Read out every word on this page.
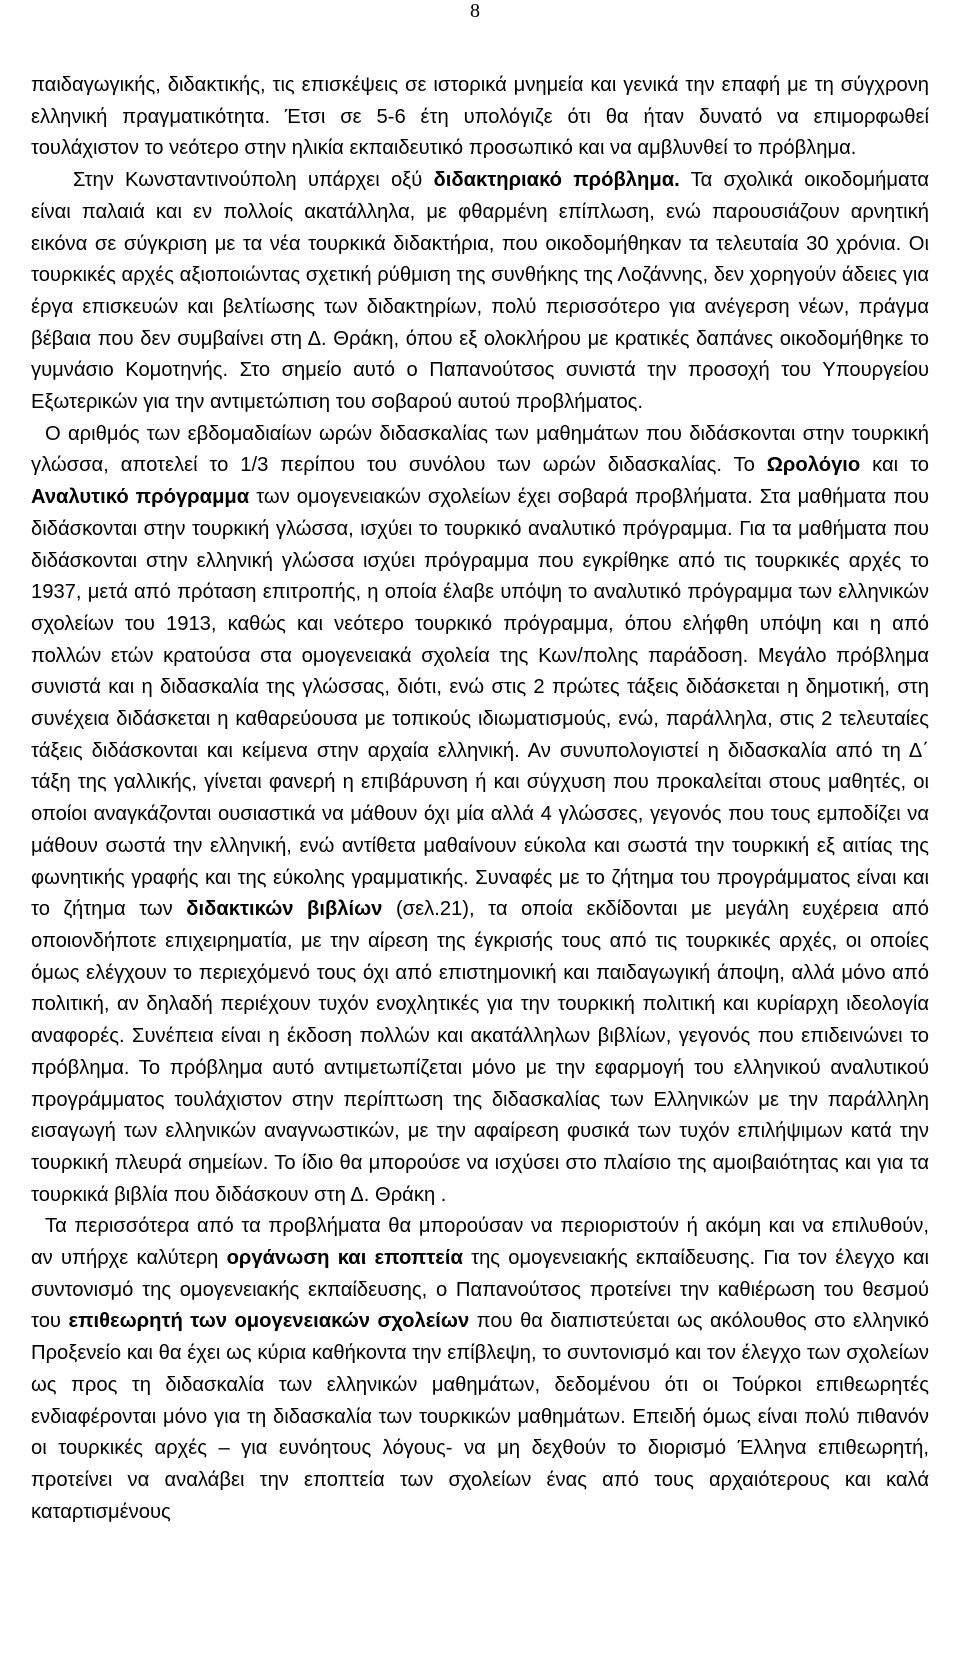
8

παιδαγωγικής, διδακτικής, τις επισκέψεις σε ιστορικά μνημεία και γενικά την επαφή με τη σύγχρονη ελληνική πραγματικότητα. Έτσι σε 5-6 έτη υπολόγιζε ότι θα ήταν δυνατό να επιμορφωθεί τουλάχιστον το νεότερο στην ηλικία εκπαιδευτικό προσωπικό και να αμβλυνθεί το πρόβλημα.

Στην Κωνσταντινούπολη υπάρχει οξύ διδακτηριακό πρόβλημα. Τα σχολικά οικοδομήματα είναι παλαιά και εν πολλοίς ακατάλληλα, με φθαρμένη επίπλωση, ενώ παρουσιάζουν αρνητική εικόνα σε σύγκριση με τα νέα τουρκικά διδακτήρια, που οικοδομήθηκαν τα τελευταία 30 χρόνια. Οι τουρκικές αρχές αξιοποιώντας σχετική ρύθμιση της συνθήκης της Λοζάννης, δεν χορηγούν άδειες για έργα επισκευών και βελτίωσης των διδακτηρίων, πολύ περισσότερο για ανέγερση νέων, πράγμα βέβαια που δεν συμβαίνει στη Δ. Θράκη, όπου εξ ολοκλήρου με κρατικές δαπάνες οικοδομήθηκε το γυμνάσιο Κομοτηνής. Στο σημείο αυτό ο Παπανούτσος συνιστά την προσοχή του Υπουργείου Εξωτερικών για την αντιμετώπιση του σοβαρού αυτού προβλήματος.

Ο αριθμός των εβδομαδιαίων ωρών διδασκαλίας των μαθημάτων που διδάσκονται στην τουρκική γλώσσα, αποτελεί το 1/3 περίπου του συνόλου των ωρών διδασκαλίας. Το Ωρολόγιο και το Αναλυτικό πρόγραμμα των ομογενειακών σχολείων έχει σοβαρά προβλήματα. Στα μαθήματα που διδάσκονται στην τουρκική γλώσσα, ισχύει το τουρκικό αναλυτικό πρόγραμμα. Για τα μαθήματα που διδάσκονται στην ελληνική γλώσσα ισχύει πρόγραμμα που εγκρίθηκε από τις τουρκικές αρχές το 1937, μετά από πρόταση επιτροπής, η οποία έλαβε υπόψη το αναλυτικό πρόγραμμα των ελληνικών σχολείων του 1913, καθώς και νεότερο τουρκικό πρόγραμμα, όπου ελήφθη υπόψη και η από πολλών ετών κρατούσα στα ομογενειακά σχολεία της Κων/πολης παράδοση. Μεγάλο πρόβλημα συνιστά και η διδασκαλία της γλώσσας, διότι, ενώ στις 2 πρώτες τάξεις διδάσκεται η δημοτική, στη συνέχεια διδάσκεται η καθαρεύουσα με τοπικούς ιδιωματισμούς, ενώ, παράλληλα, στις 2 τελευταίες τάξεις διδάσκονται και κείμενα στην αρχαία ελληνική. Αν συνυπολογιστεί η διδασκαλία από τη Δ΄ τάξη της γαλλικής, γίνεται φανερή η επιβάρυνση ή και σύγχυση που προκαλείται στους μαθητές, οι οποίοι αναγκάζονται ουσιαστικά να μάθουν όχι μία αλλά 4 γλώσσες, γεγονός που τους εμποδίζει να μάθουν σωστά την ελληνική, ενώ αντίθετα μαθαίνουν εύκολα και σωστά την τουρκική εξ αιτίας της φωνητικής γραφής και της εύκολης γραμματικής. Συναφές με το ζήτημα του προγράμματος είναι και το ζήτημα των διδακτικών βιβλίων (σελ.21), τα οποία εκδίδονται με μεγάλη ευχέρεια από οποιονδήποτε επιχειρηματία, με την αίρεση της έγκρισής τους από τις τουρκικές αρχές, οι οποίες όμως ελέγχουν το περιεχόμενό τους όχι από επιστημονική και παιδαγωγική άποψη, αλλά μόνο από πολιτική, αν δηλαδή περιέχουν τυχόν ενοχλητικές για την τουρκική πολιτική και κυρίαρχη ιδεολογία αναφορές. Συνέπεια είναι η έκδοση πολλών και ακατάλληλων βιβλίων, γεγονός που επιδεινώνει το πρόβλημα. Το πρόβλημα αυτό αντιμετωπίζεται μόνο με την εφαρμογή του ελληνικού αναλυτικού προγράμματος τουλάχιστον στην περίπτωση της διδασκαλίας των Ελληνικών με την παράλληλη εισαγωγή των ελληνικών αναγνωστικών, με την αφαίρεση φυσικά των τυχόν επιλήψιμων κατά την τουρκική πλευρά σημείων. Το ίδιο θα μπορούσε να ισχύσει στο πλαίσιο της αμοιβαιότητας και για τα τουρκικά βιβλία που διδάσκουν στη Δ. Θράκη .

Τα περισσότερα από τα προβλήματα θα μπορούσαν να περιοριστούν ή ακόμη και να επιλυθούν, αν υπήρχε καλύτερη οργάνωση και εποπτεία της ομογενειακής εκπαίδευσης. Για τον έλεγχο και συντονισμό της ομογενειακής εκπαίδευσης, ο Παπανούτσος προτείνει την καθιέρωση του θεσμού του επιθεωρητή των ομογενειακών σχολείων που θα διαπιστεύεται ως ακόλουθος στο ελληνικό Προξενείο και θα έχει ως κύρια καθήκοντα την επίβλεψη, το συντονισμό και τον έλεγχο των σχολείων ως προς τη διδασκαλία των ελληνικών μαθημάτων, δεδομένου ότι οι Τούρκοι επιθεωρητές ενδιαφέρονται μόνο για τη διδασκαλία των τουρκικών μαθημάτων. Επειδή όμως είναι πολύ πιθανόν οι τουρκικές αρχές – για ευνόητους λόγους- να μη δεχθούν το διορισμό Έλληνα επιθεωρητή, προτείνει να αναλάβει την εποπτεία των σχολείων ένας από τους αρχαιότερους και καλά καταρτισμένους
